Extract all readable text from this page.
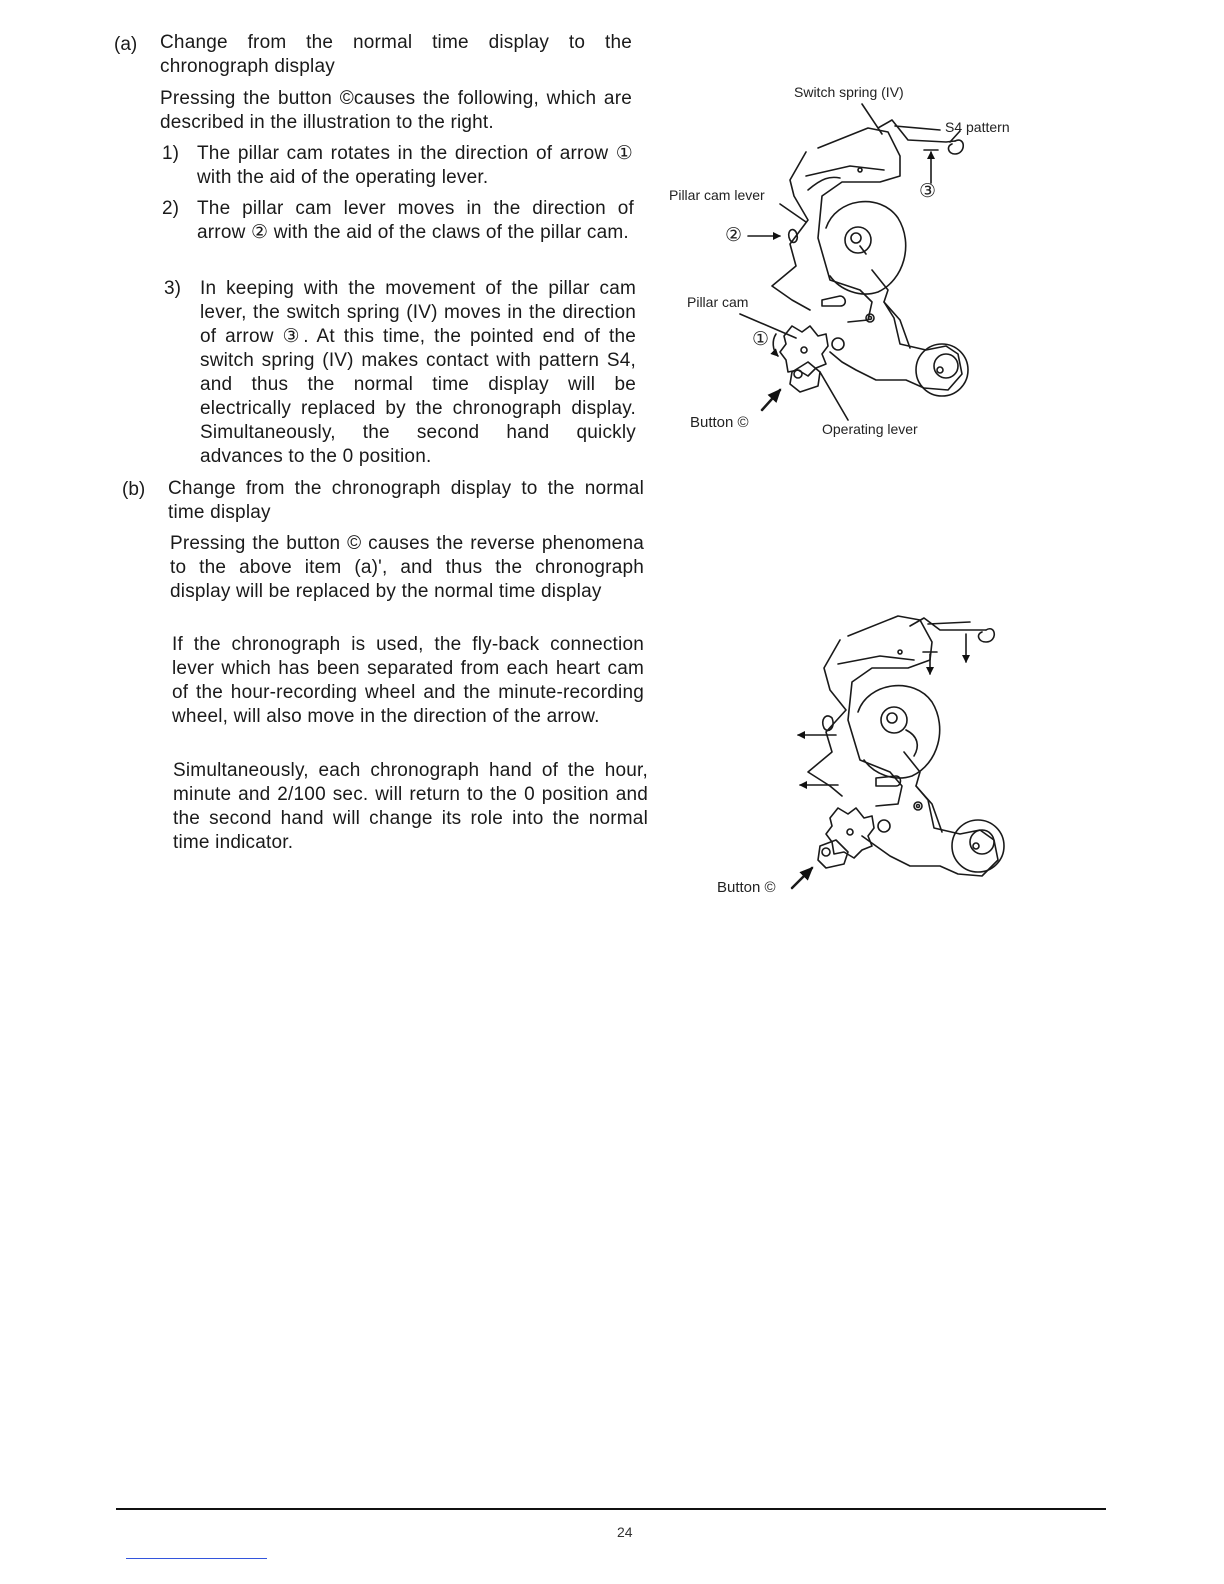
(a) Change from the normal time display to the chronograph display
Pressing the button ©causes the following, which are described in the illustration to the right.
1) The pillar cam rotates in the direction of arrow ① with the aid of the operating lever.
2) The pillar cam lever moves in the direction of arrow ② with the aid of the claws of the pillar cam.
3) In keeping with the movement of the pillar cam lever, the switch spring (IV) moves in the direction of arrow ③. At this time, the pointed end of the switch spring (IV) makes contact with pattern S4, and thus the normal time display will be electrically replaced by the chronograph display. Simultaneously, the second hand quickly advances to the 0 position.
(b) Change from the chronograph display to the normal time display
Pressing the button © causes the reverse phenomena to the above item (a)', and thus the chronograph display will be replaced by the normal time display
If the chronograph is used, the fly-back connection lever which has been separated from each heart cam of the hour-recording wheel and the minute-recording wheel, will also move in the direction of the arrow.
Simultaneously, each chronograph hand of the hour, minute and 2/100 sec. will return to the 0 position and the second hand will change its role into the normal time indicator.
Switch spring (IV)
S4 pattern
Pillar cam lever
Pillar cam
Button ©	Operating lever
①
②
③
Button ©
24
